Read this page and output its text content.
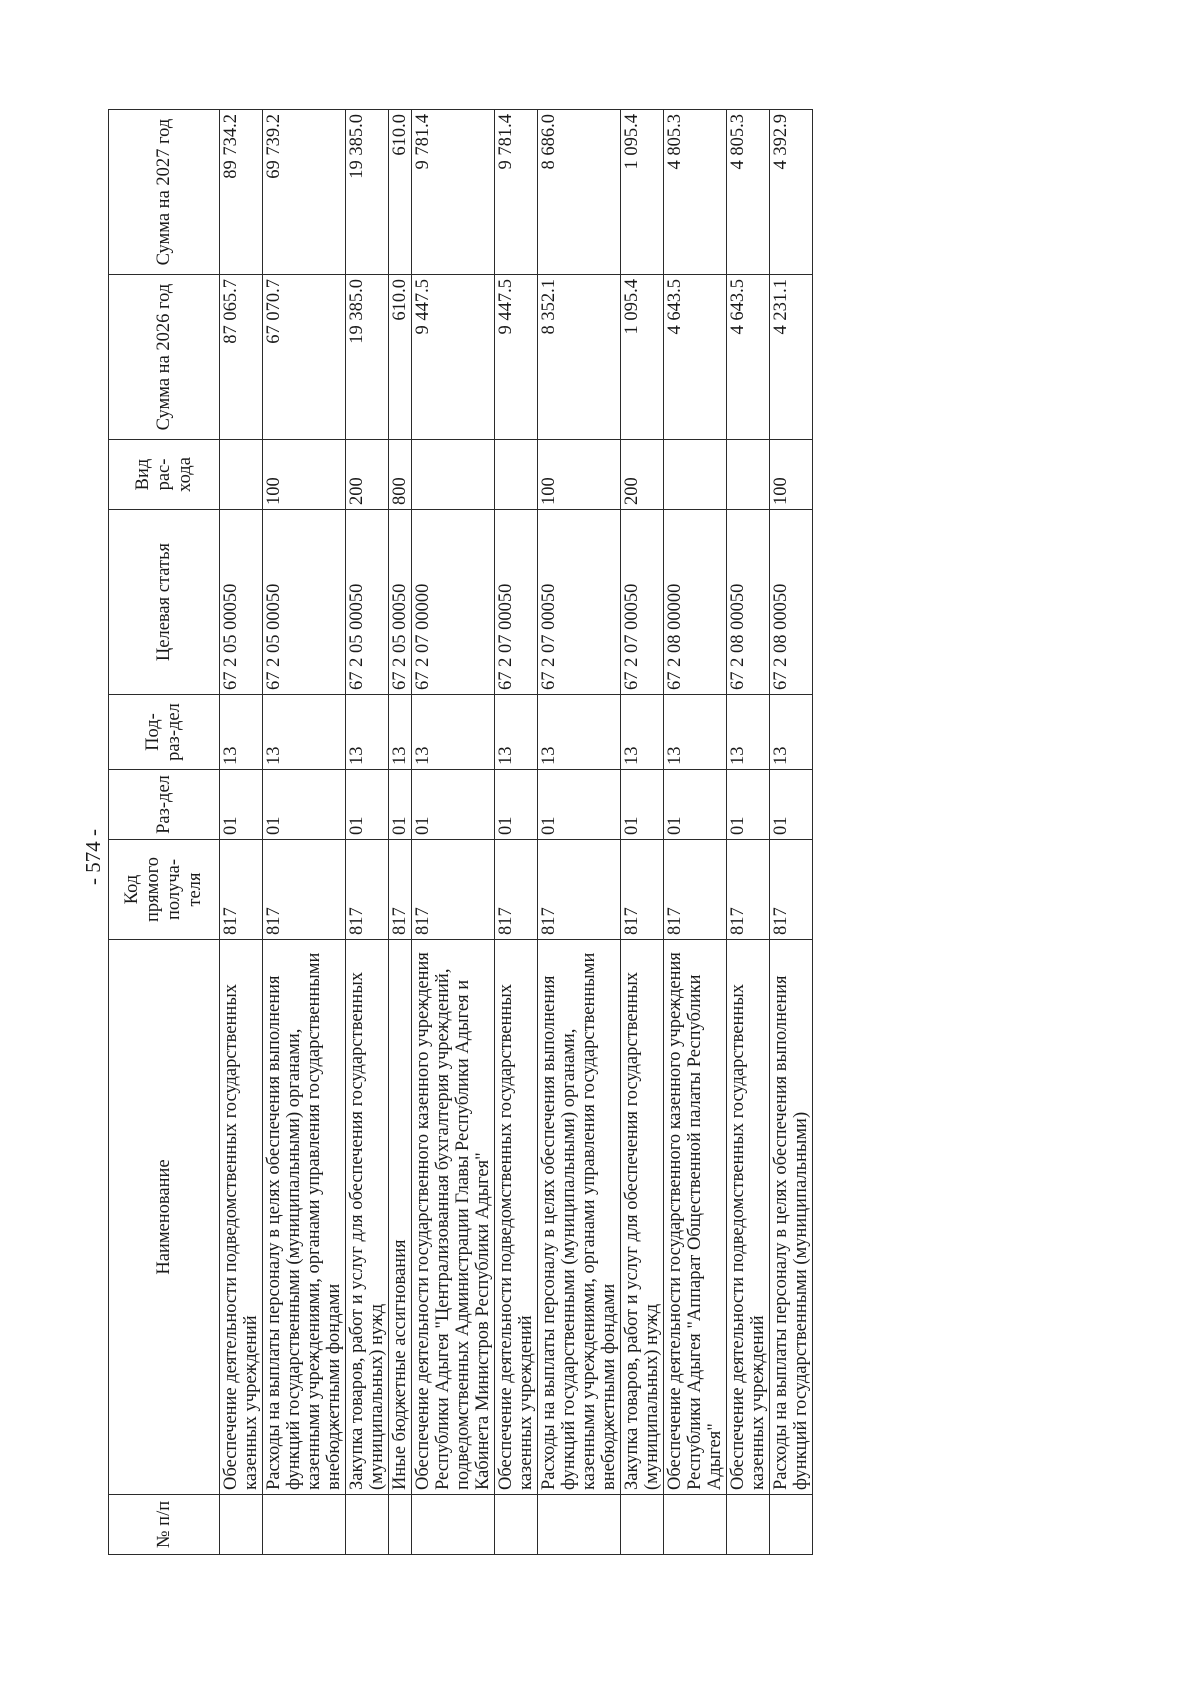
- 574 -
№ п/п	Наименование	Код прямого получа-теля	Раз-дел	Под-раз-дел	Целевая статья	Вид рас-хода	Сумма на 2026 год	Сумма на 2027 год
	Обеспечение деятельности подведомственных государственных казенных учреждений	817	01	13	67 2 05 00050		87 065.7	89 734.2
	Расходы на выплаты персоналу в целях обеспечения выполнения функций государственными (муниципальными) органами, казенными учреждениями, органами управления государственными внебюджетными фондами	817	01	13	67 2 05 00050	100	67 070.7	69 739.2
	Закупка товаров, работ и услуг для обеспечения государственных (муниципальных) нужд	817	01	13	67 2 05 00050	200	19 385.0	19 385.0
	Иные бюджетные ассигнования	817	01	13	67 2 05 00050	800	610.0	610.0
	Обеспечение деятельности государственного казенного учреждения Республики Адыгея "Централизованная бухгалтерия учреждений, подведомственных Администрации Главы Республики Адыгея и Кабинета Министров Республики Адыгея"	817	01	13	67 2 07 00000		9 447.5	9 781.4
	Обеспечение деятельности подведомственных государственных казенных учреждений	817	01	13	67 2 07 00050		9 447.5	9 781.4
	Расходы на выплаты персоналу в целях обеспечения выполнения функций государственными (муниципальными) органами, казенными учреждениями, органами управления государственными внебюджетными фондами	817	01	13	67 2 07 00050	100	8 352.1	8 686.0
	Закупка товаров, работ и услуг для обеспечения государственных (муниципальных) нужд	817	01	13	67 2 07 00050	200	1 095.4	1 095.4
	Обеспечение деятельности государственного казенного учреждения Республики Адыгея "Аппарат Общественной палаты Республики Адыгея"	817	01	13	67 2 08 00000		4 643.5	4 805.3
	Обеспечение деятельности подведомственных государственных казенных учреждений	817	01	13	67 2 08 00050		4 643.5	4 805.3
	Расходы на выплаты персоналу в целях обеспечения выполнения функций государственными (муниципальными)	817	01	13	67 2 08 00050	100	4 231.1	4 392.9
